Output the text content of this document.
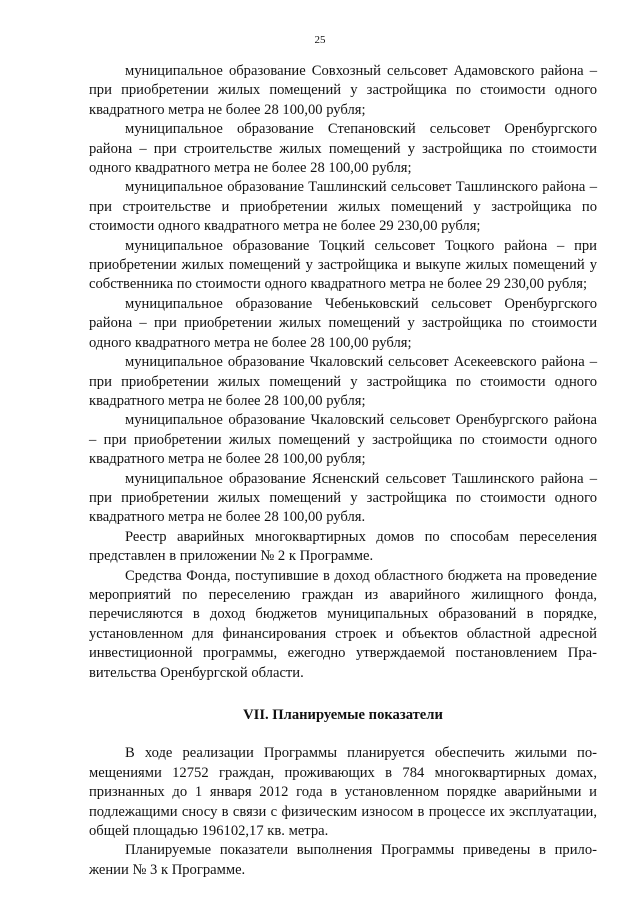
25

муниципальное образование Совхозный сельсовет Адамовского района – при приобретении жилых помещений у застройщика по стоимости одного квадратного метра не более 28 100,00 рубля;

муниципальное образование Степановский сельсовет Оренбургского района – при строительстве жилых помещений у застройщика по стоимости одного квадратного метра не более 28 100,00 рубля;

муниципальное образование Ташлинский сельсовет Ташлинского района – при строительстве и приобретении жилых помещений у застройщика по стоимости одного квадратного метра не более 29 230,00 рубля;

муниципальное образование Тоцкий сельсовет Тоцкого района – при приобретении жилых помещений у застройщика и выкупе жилых помещений у собственника по стоимости одного квадратного метра не более 29 230,00 рубля;

муниципальное образование Чебеньковский сельсовет Оренбургского района – при приобретении жилых помещений у застройщика по стоимости одного квадратного метра не более 28 100,00 рубля;

муниципальное образование Чкаловский сельсовет Асекеевского района – при приобретении жилых помещений у застройщика по стоимости одного квадратного метра не более 28 100,00 рубля;

муниципальное образование Чкаловский сельсовет Оренбургского района – при приобретении жилых помещений у застройщика по стоимости одного квадратного метра не более 28 100,00 рубля;

муниципальное образование Ясненский сельсовет Ташлинского района – при приобретении жилых помещений у застройщика по стоимости одного квадратного метра не более 28 100,00 рубля.

Реестр аварийных многоквартирных домов по способам переселения представлен в приложении № 2 к Программе.

Средства Фонда, поступившие в доход областного бюджета на проведение мероприятий по переселению граждан из аварийного жилищного фонда, перечисляются в доход бюджетов муниципальных образований в порядке, установленном для финансирования строек и объектов областной адресной инвестиционной программы, ежегодно утверждаемой постановлением Правительства Оренбургской области.

VII. Планируемые показатели

В ходе реализации Программы планируется обеспечить жилыми помещениями 12752 граждан, проживающих в 784 многоквартирных домах, признанных до 1 января 2012 года в установленном порядке аварийными и подлежащими сносу в связи с физическим износом в процессе их эксплуатации, общей площадью 196102,17 кв. метра.

Планируемые показатели выполнения Программы приведены в приложении № 3 к Программе.
